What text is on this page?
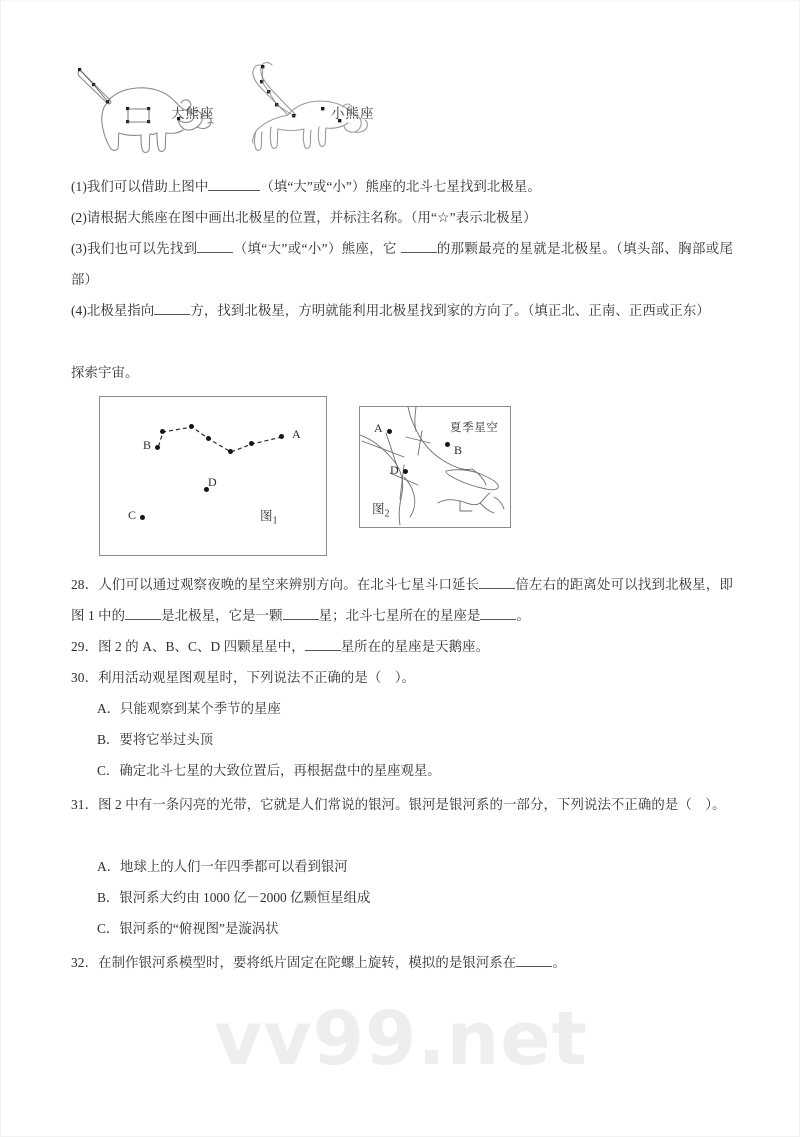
vv99.net
大熊座	小熊座
(1)我们可以借助上图中	（填“大”或“小”）熊座的北斗七星找到北极星。
(2)请根据大熊座在图中画出北极星的位置，并标注名称。（用“☆”表示北极星）
(3)我们也可以先找到	（填“大”或“小”）熊座，它	的那颗最亮的星就是北极星。（填头部、胸部或尾部）
(4)北极星指向	方，找到北极星，方明就能利用北极星找到家的方向了。（填正北、正南、正西或正东）
探索宇宙。
A
B
C
D
图$_1$
A
B
D
夏季星空
图$_2$
28．人们可以通过观察夜晚的星空来辨别方向。在北斗七星斗口延长	倍左右的距离处可以找到北极星，即图 1 中的	是北极星，它是一颗	星；北斗七星所在的星座是	。
29．图 2 的 A、B、C、D 四颗星星中，	星所在的星座是天鹅座。
30．利用活动观星图观星时，下列说法不正确的是（　）。
A．只能观察到某个季节的星座
B．要将它举过头顶
C．确定北斗七星的大致位置后，再根据盘中的星座观星。
31．图 2 中有一条闪亮的光带，它就是人们常说的银河。银河是银河系的一部分，下列说法不正确的是（　）。
A．地球上的人们一年四季都可以看到银河
B．银河系大约由 1000 亿－2000 亿颗恒星组成
C．银河系的“俯视图”是漩涡状
32．在制作银河系模型时，要将纸片固定在陀螺上旋转，模拟的是银河系在	。
